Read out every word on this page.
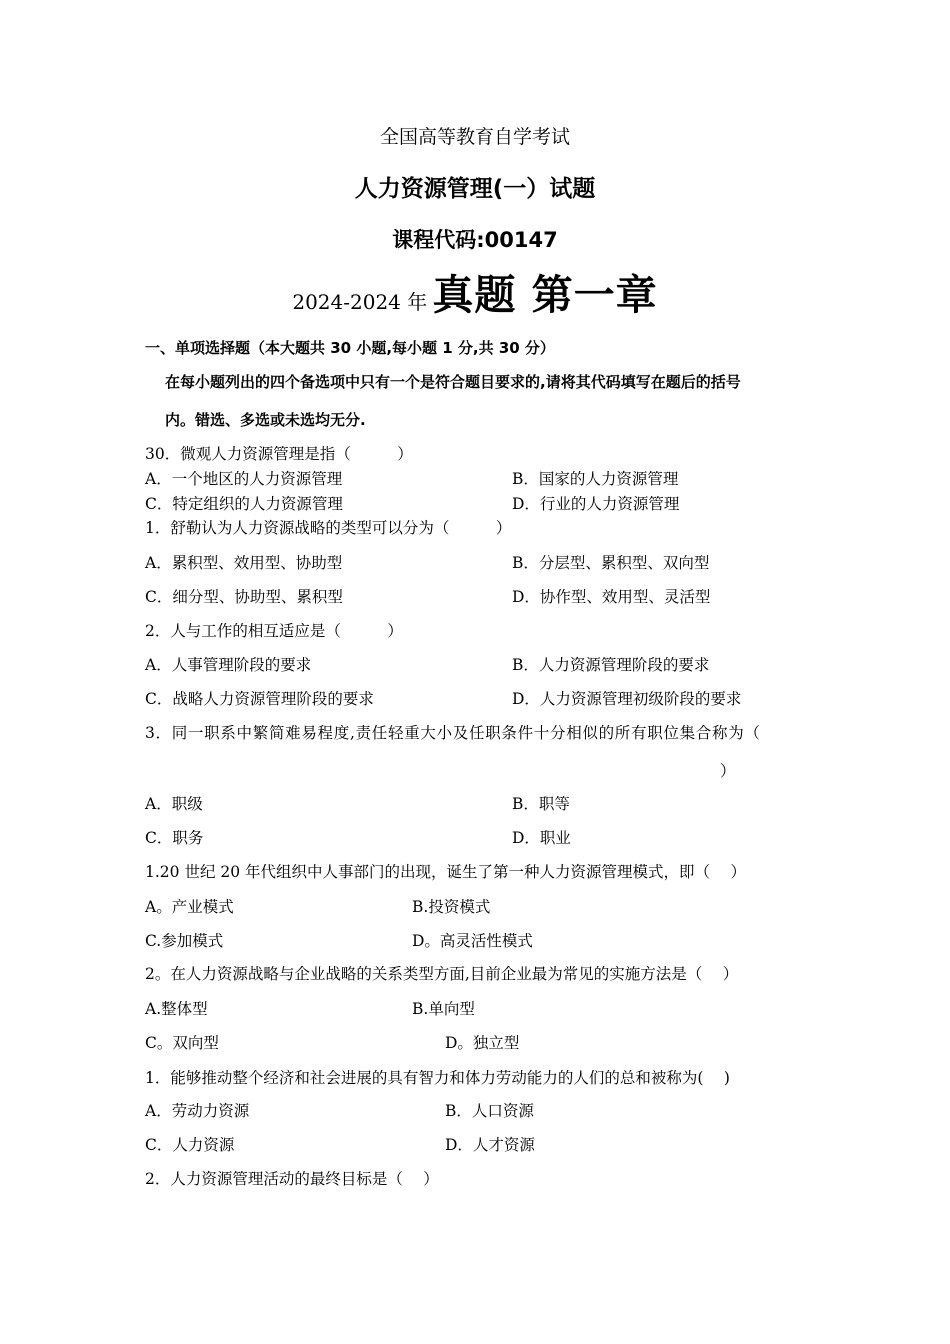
全国高等教育自学考试
人力资源管理(一）试题
课程代码:00147
2024-2024 年 真题 第一章
一、单项选择题（本大题共 30 小题,每小题 1 分,共 30 分）
在每小题列出的四个备选项中只有一个是符合题目要求的,请将其代码填写在题后的括号
内。错选、多选或未选均无分.
30．微观人力资源管理是指（　　　）
A．一个地区的人力资源管理	B．国家的人力资源管理
C．特定组织的人力资源管理	D．行业的人力资源管理
1．舒勒认为人力资源战略的类型可以分为（　　　）
A．累积型、效用型、协助型	B．分层型、累积型、双向型
C．细分型、协助型、累积型	D．协作型、效用型、灵活型
2．人与工作的相互适应是（　　　）
A．人事管理阶段的要求	B．人力资源管理阶段的要求
C．战略人力资源管理阶段的要求	D．人力资源管理初级阶段的要求
3．同一职系中繁简难易程度,责任轻重大小及任职条件十分相似的所有职位集合称为（
）
A．职级	B．职等
C．职务	D．职业
1.20 世纪 20 年代组织中人事部门的出现，诞生了第一种人力资源管理模式，即（　 ）
A。产业模式	B.投资模式
C.参加模式	D。高灵活性模式
2。在人力资源战略与企业战略的关系类型方面,目前企业最为常见的实施方法是（　 ）
A.整体型	B.单向型
C。双向型	D。独立型
1．能够推动整个经济和社会进展的具有智力和体力劳动能力的人们的总和被称为(　 )
A．劳动力资源	B．人口资源
C．人力资源	D．人才资源
2．人力资源管理活动的最终目标是（　 ）
